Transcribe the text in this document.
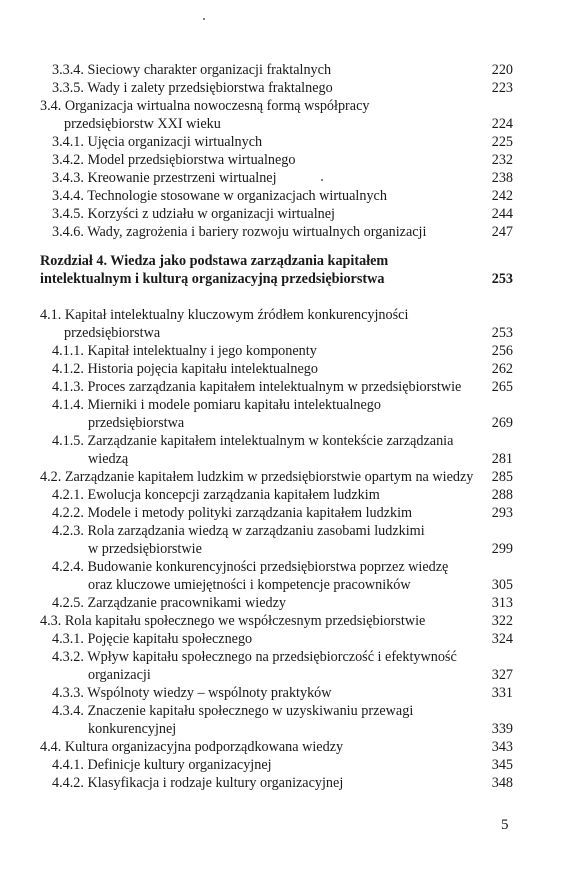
3.3.4. Sieciowy charakter organizacji fraktalnych	220
3.3.5. Wady i zalety przedsiębiorstwa fraktalnego	223
3.4. Organizacja wirtualna nowoczesną formą współpracy
przedsiębiorstw XXI wieku	224
3.4.1. Ujęcia organizacji wirtualnych	225
3.4.2. Model przedsiębiorstwa wirtualnego	232
3.4.3. Kreowanie przestrzeni wirtualnej	238
3.4.4. Technologie stosowane w organizacjach wirtualnych	242
3.4.5. Korzyści z udziału w organizacji wirtualnej	244
3.4.6. Wady, zagrożenia i bariery rozwoju wirtualnych organizacji	247
Rozdział 4. Wiedza jako podstawa zarządzania kapitałem
intelektualnym i kulturą organizacyjną przedsiębiorstwa	253
4.1. Kapitał intelektualny kluczowym źródłem konkurencyjności
przedsiębiorstwa	253
4.1.1. Kapitał intelektualny i jego komponenty	256
4.1.2. Historia pojęcia kapitału intelektualnego	262
4.1.3. Proces zarządzania kapitałem intelektualnym w przedsiębiorstwie 265
4.1.4. Mierniki i modele pomiaru kapitału intelektualnego
przedsiębiorstwa	269
4.1.5. Zarządzanie kapitałem intelektualnym w kontekście zarządzania
wiedzą	281
4.2. Zarządzanie kapitałem ludzkim w przedsiębiorstwie opartym na wiedzy 285
4.2.1. Ewolucja koncepcji zarządzania kapitałem ludzkim	288
4.2.2. Modele i metody polityki zarządzania kapitałem ludzkim	293
4.2.3. Rola zarządzania wiedzą w zarządzaniu zasobami ludzkimi
w przedsiębiorstwie	299
4.2.4. Budowanie konkurencyjności przedsiębiorstwa poprzez wiedzę
oraz kluczowe umiejętności i kompetencje pracowników	305
4.2.5. Zarządzanie pracownikami wiedzy	313
4.3. Rola kapitału społecznego we współczesnym przedsiębiorstwie	322
4.3.1. Pojęcie kapitału społecznego	324
4.3.2. Wpływ kapitału społecznego na przedsiębiorczość i efektywność
organizacji	327
4.3.3. Wspólnoty wiedzy – wspólnoty praktyków	331
4.3.4. Znaczenie kapitału społecznego w uzyskiwaniu przewagi
konkurencyjnej	339
4.4. Kultura organizacyjna podporządkowana wiedzy	343
4.4.1. Definicje kultury organizacyjnej	345
4.4.2. Klasyfikacja i rodzaje kultury organizacyjnej	348
5
